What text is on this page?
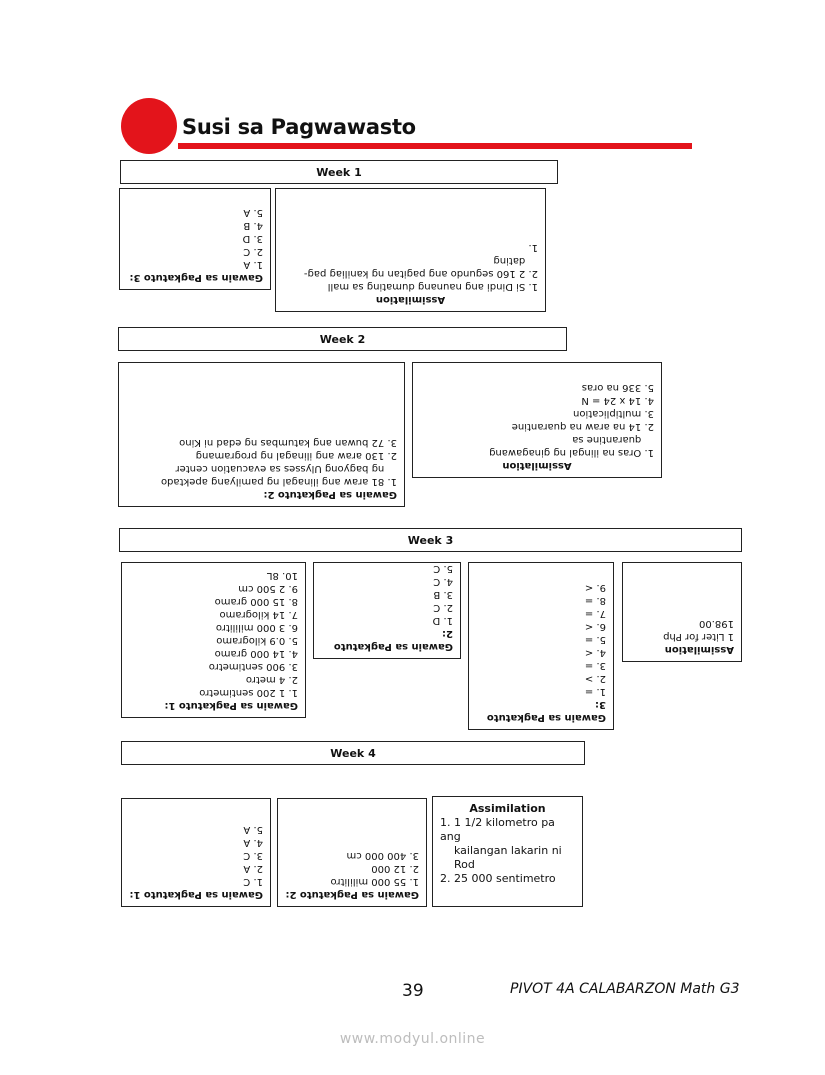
Susi sa Pagwawasto
Week 1
Assimilation
1. Si Dindi ang naunang dumating sa mall
2. 2 160 segundo ang pagitan ng kaniliag pag-
dating
1.
Gawain sa Pagkatuto 3:
1. A
2. C
3. D
4. B
5. A
Week 2
Assimilation
1. Oras na ilingal ng ginagawang
quarantine sa
2. 14 na araw na quarantine
3. multiplication
4. 14 x 24 = N
5. 336 na oras
Gawain sa Pagkatuto 2:
1. 81 araw ang ilinagal ng pamilyang apektado
ng bagyong Ulysses sa evacuation center
2. 130 araw ang ilinagal ng programang
3. 72 buwan ang katumbas ng edad ni Kino
Week 3
Assimilation
1 Liter for Php 198.00
Gawain sa Pagkatuto 3:
1. =
2. >
3. =
4. <
5. =
6. <
7. =
8. =
9. <
Gawain sa Pagkatuto 2:
1. D
2. C
3. B
4. C
5. C
Gawain sa Pagkatuto 1:
1. 1 200 sentimetro
2. 4 metro
3. 900 sentimetro
4. 14 000 gramo
5. 0.9 kilogramo
6. 3 000 mililitro
7. 14 kilogramo
8. 15 000 gramo
9. 2 500 cm
10. 8L
Week 4
Assimilation
1. 1 1/2 kilometro pa ang
kailangan lakarin ni
Rod
2. 25 000 sentimetro
Gawain sa Pagkatuto 2:
1. 55 000 mililitro
2. 12 000
3. 400 000 cm
Gawain sa Pagkatuto 1:
1. C
2. A
3. C
4. A
5. A
39	PIVOT 4A CALABARZON Math G3
www.modyul.online
